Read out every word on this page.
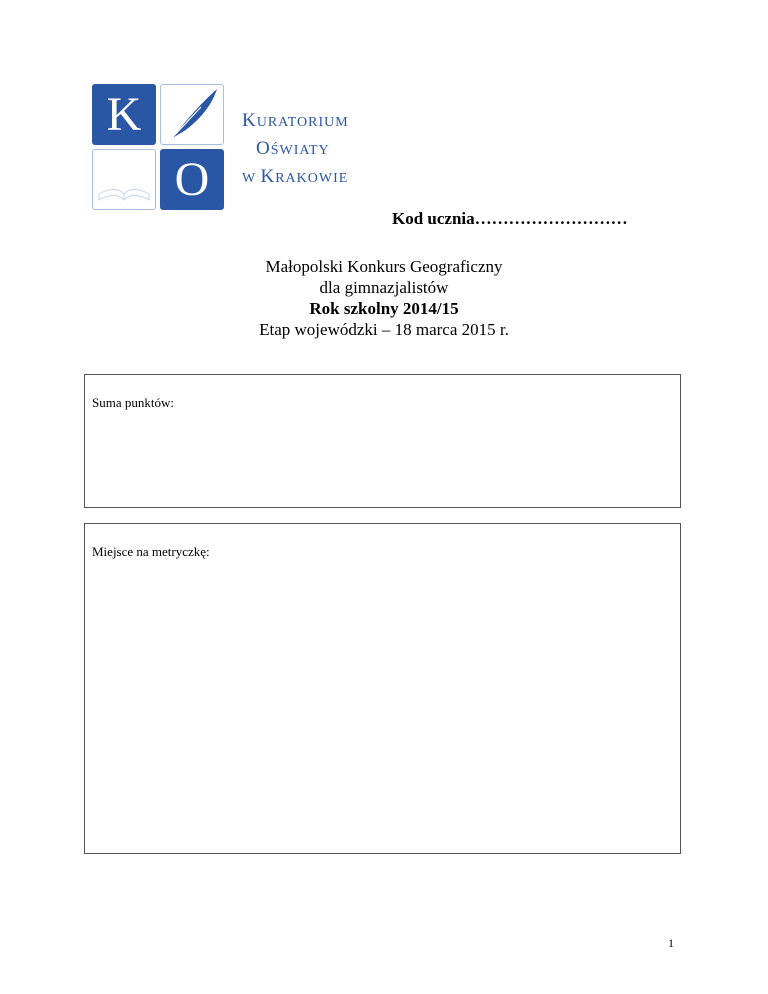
K
O
KURATORIUM
OŚWIATY
W KRAKOWIE
Kod ucznia………………………
Małopolski Konkurs Geograficzny
dla gimnazjalistów
Rok szkolny 2014/15
Etap wojewódzki – 18 marca 2015 r.
Suma punktów:
Miejsce na metryczkę:
1
